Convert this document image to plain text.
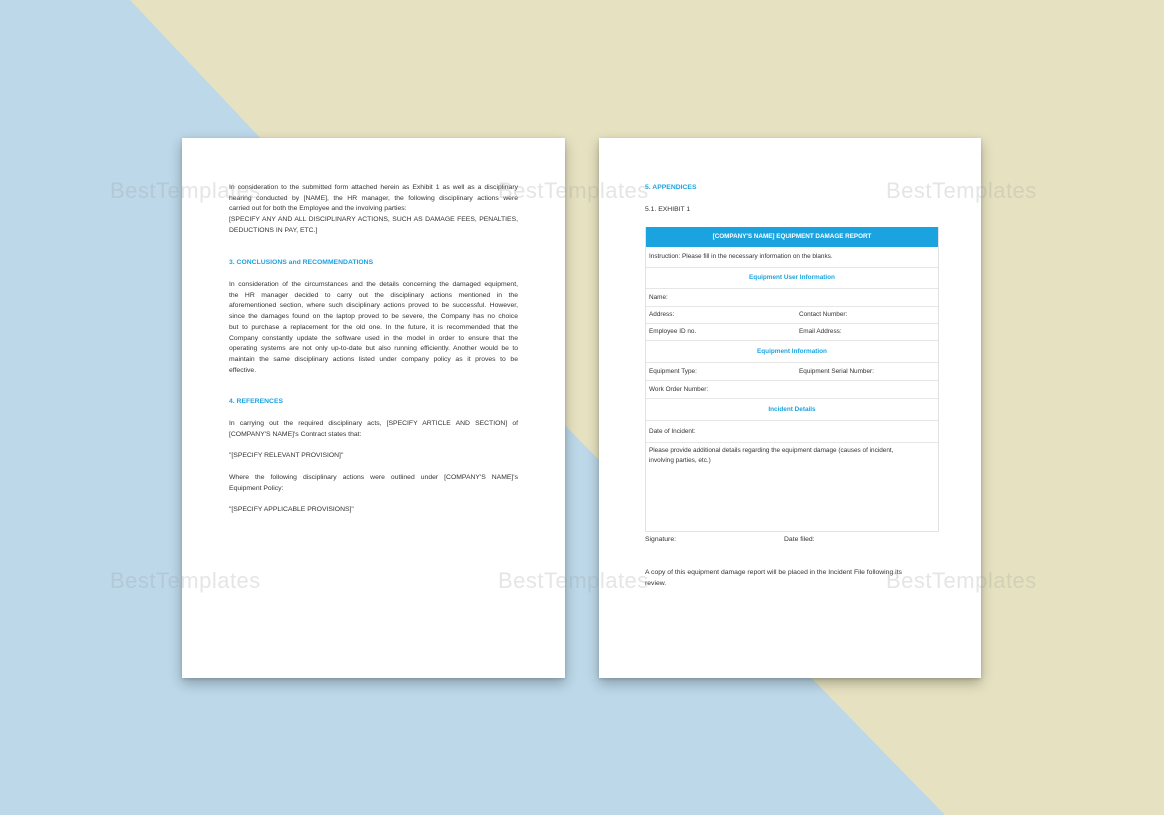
In consideration to the submitted form attached herein as Exhibit 1 as well as a disciplinary
hearing conducted by [NAME], the HR manager, the following disciplinary actions were
carried out for both the Employee and the involving parties:
[SPECIFY ANY AND ALL DISCIPLINARY ACTIONS, SUCH AS DAMAGE FEES, PENALTIES,
DEDUCTIONS IN PAY, ETC.]
3. CONCLUSIONS and RECOMMENDATIONS
In consideration of the circumstances and the details concerning the damaged equipment,
the HR manager decided to carry out the disciplinary actions mentioned in the
aforementioned section, where such disciplinary actions proved to be successful. However,
since the damages found on the laptop proved to be severe, the Company has no choice
but to purchase a replacement for the old one. In the future, it is recommended that the
Company constantly update the software used in the model in order to ensure that the
operating systems are not only up-to-date but also running efficiently. Another would be to
maintain the same disciplinary actions listed under company policy as it proves to be
effective.
4. REFERENCES
In carrying out the required disciplinary acts, [SPECIFY ARTICLE AND SECTION] of
[COMPANY'S NAME]'s Contract states that:
"[SPECIFY RELEVANT PROVISION]"
Where the following disciplinary actions were outlined under [COMPANY'S NAME]'s
Equipment Policy:
"[SPECIFY APPLICABLE PROVISIONS]"
5. APPENDICES
5.1. EXHIBIT 1
[COMPANY'S NAME] EQUIPMENT DAMAGE REPORT
Instruction: Please fill in the necessary information on the blanks.
Equipment User Information
Name:
Address:	Contact Number:
Employee ID no.	Email Address:
Equipment Information
Equipment Type:	Equipment Serial Number:
Work Order Number:
Incident Details
Date of Incident:
Please provide additional details regarding the equipment damage (causes of incident,
involving parties, etc.)
Signature:	Date filed:
A copy of this equipment damage report will be placed in the Incident File following its
review.
BestTemplates	BestTemplates	BestTemplates
BestTemplates	BestTemplates	BestTemplates
